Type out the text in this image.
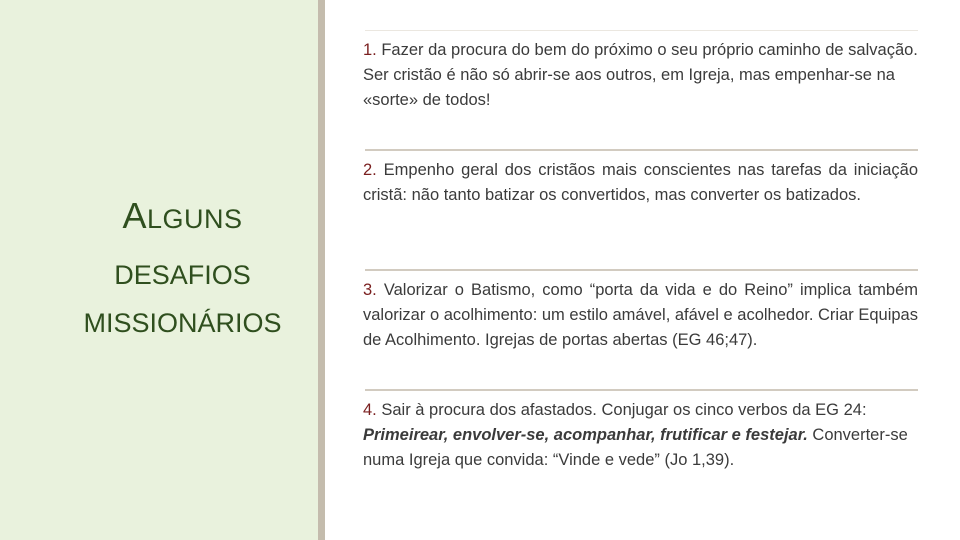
ALGUNS
DESAFIOS
MISSIONÁRIOS
1. Fazer da procura do bem do próximo o seu próprio caminho de salvação. Ser cristão é não só abrir-se aos outros, em Igreja, mas empenhar-se na «sorte» de todos!
2. Empenho geral dos cristãos mais conscientes nas tarefas da iniciação cristã: não tanto batizar os convertidos, mas converter os batizados.
3. Valorizar o Batismo, como “porta da vida e do Reino” implica também valorizar o acolhimento: um estilo amável, afável e acolhedor. Criar Equipas de Acolhimento. Igrejas de portas abertas (EG 46;47).
4. Sair à procura dos afastados. Conjugar os cinco verbos da EG 24: Primeirear, envolver-se, acompanhar, frutificar e festejar. Converter-se numa Igreja que convida: “Vinde e vede” (Jo 1,39).
